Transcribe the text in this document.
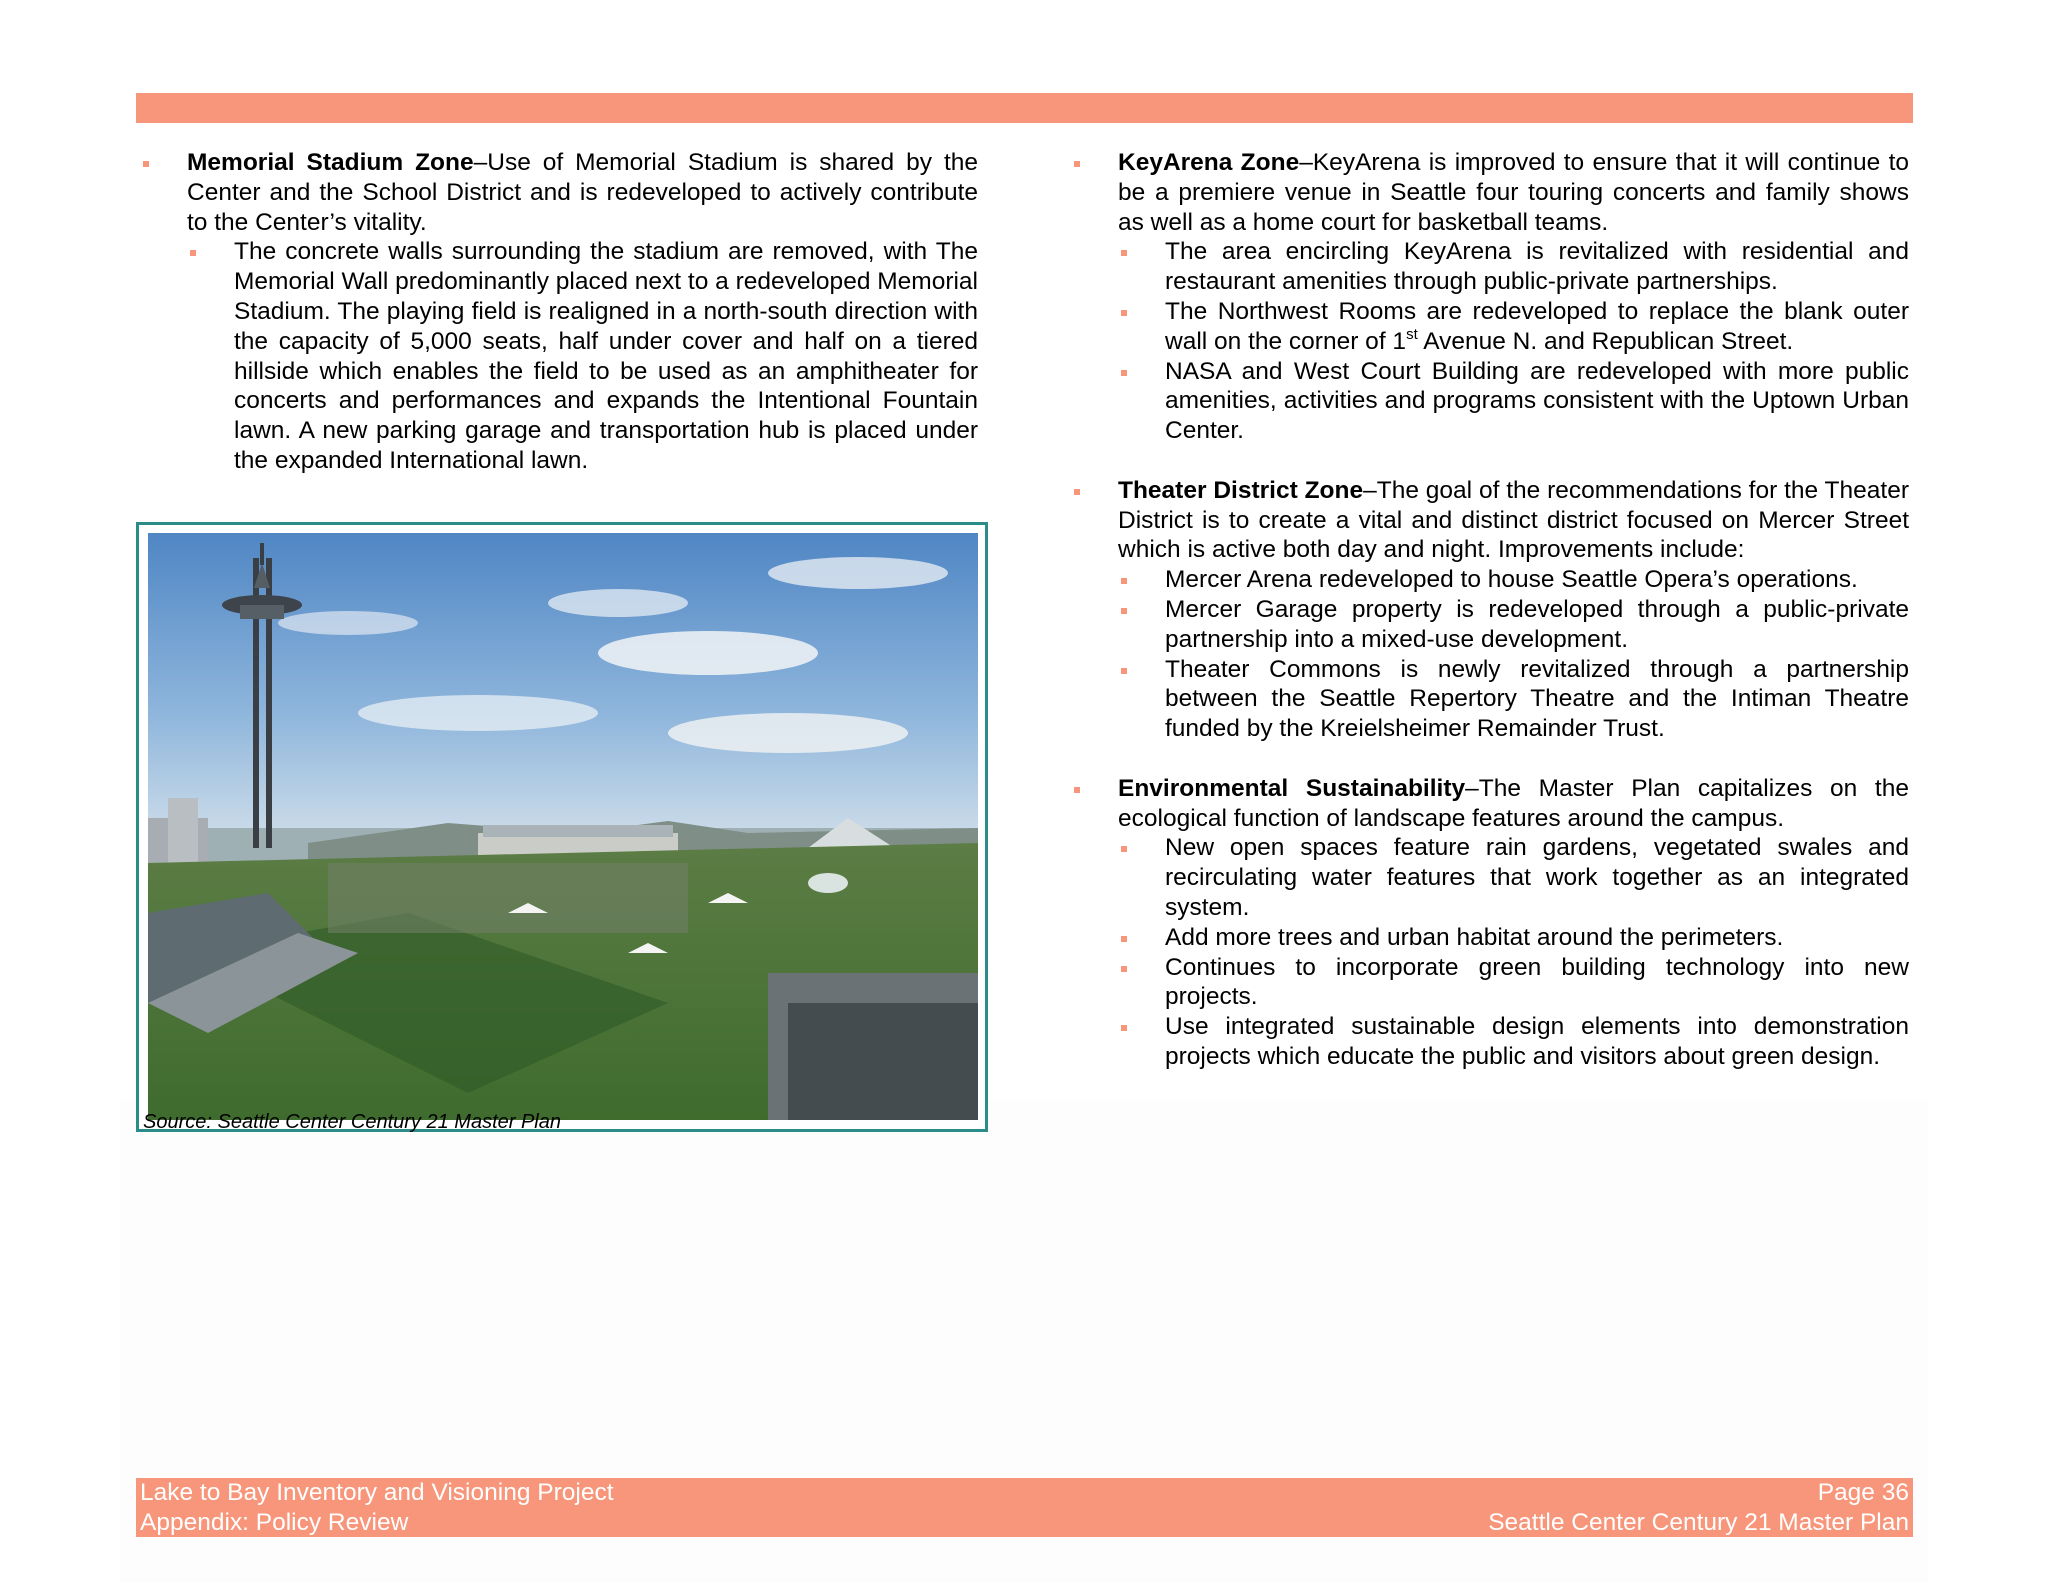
Memorial Stadium Zone–Use of Memorial Stadium is shared by the Center and the School District and is redeveloped to actively contribute to the Center’s vitality.
The concrete walls surrounding the stadium are removed, with The Memorial Wall predominantly placed next to a redeveloped Memorial Stadium. The playing field is realigned in a north-south direction with the capacity of 5,000 seats, half under cover and half on a tiered hillside which enables the field to be used as an amphitheater for concerts and performances and expands the Intentional Fountain lawn. A new parking garage and transportation hub is placed under the expanded International lawn.
Source: Seattle Center Century 21 Master Plan
KeyArena Zone–KeyArena is improved to ensure that it will continue to be a premiere venue in Seattle four touring concerts and family shows as well as a home court for basketball teams.
The area encircling KeyArena is revitalized with residential and restaurant amenities through public-private partnerships.
The Northwest Rooms are redeveloped to replace the blank outer wall on the corner of 1st Avenue N. and Republican Street.
NASA and West Court Building are redeveloped with more public amenities, activities and programs consistent with the Uptown Urban Center.
Theater District Zone–The goal of the recommendations for the Theater District is to create a vital and distinct district focused on Mercer Street which is active both day and night. Improvements include:
Mercer Arena redeveloped to house Seattle Opera’s operations.
Mercer Garage property is redeveloped through a public-private partnership into a mixed-use development.
Theater Commons is newly revitalized through a partnership between the Seattle Repertory Theatre and the Intiman Theatre funded by the Kreielsheimer Remainder Trust.
Environmental Sustainability–The Master Plan capitalizes on the ecological function of landscape features around the campus.
New open spaces feature rain gardens, vegetated swales and recirculating water features that work together as an integrated system.
Add more trees and urban habitat around the perimeters.
Continues to incorporate green building technology into new projects.
Use integrated sustainable design elements into demonstration projects which educate the public and visitors about green design.
Lake to Bay Inventory and Visioning Project
Appendix: Policy Review
Page 36
Seattle Center Century 21 Master Plan
